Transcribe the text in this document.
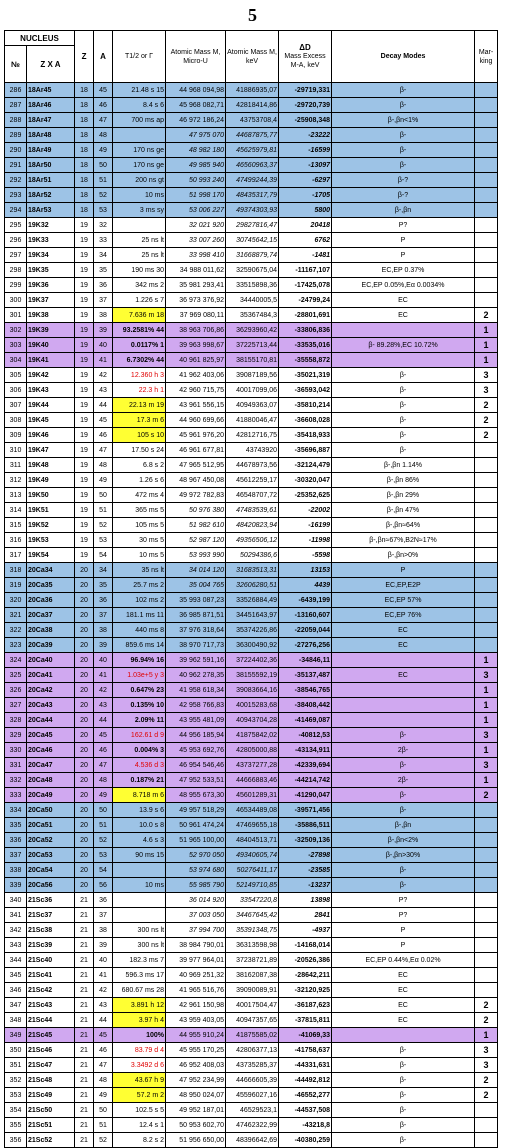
5
NUCLEUS		Z	A	T1/2 or Γ	Atomic Mass M, Micro-U	Atomic Mass M, keV	ΔD
Mass Excess M-A, keV	Decay Modes	Mar-king
№	Z X A								
286	18Ar45	18	45	21.48 s 15	44 968 094,98	41886935,07	-29719,331	β-	
287	18Ar46	18	46	8.4 s 6	45 968 082,71	42818414,86	-29720,739	β-	
288	18Ar47	18	47	700 ms ap	46 972 186,24	43753708,4	-25908,348	β-,βn<1%	
289	18Ar48	18	48		47 975 070	44687875,77	-23222	β-	
290	18Ar49	18	49	170 ns ge	48 982 180	45625979,81	-16599	β-	
291	18Ar50	18	50	170 ns ge	49 985 940	46560963,37	-13097	β-	
292	18Ar51	18	51	200 ns gt	50 993 240	47499244,39	-6297	β-?	
293	18Ar52	18	52	10 ms	51 998 170	48435317,79	-1705	β-?	
294	18Ar53	18	53	3 ms sy	53 006 227	49374303,93	5800	β-,βn	
295	19K32	19	32		32 021 920	29827816,47	20418	P?	
296	19K33	19	33	25 ns lt	33 007 260	30745642,15	6762	P	
297	19K34	19	34	25 ns lt	33 998 410	31668879,74	-1481	P	
298	19K35	19	35	190 ms 30	34 988 011,62	32590675,04	-11167,107	EC,EP 0.37%	
299	19K36	19	36	342 ms 2	35 981 293,41	33515898,36	-17425,078	EC,EP 0.05%,Eα 0.0034%	
300	19K37	19	37	1.226 s 7	36 973 376,92	34440005,5	-24799,24	EC	
301	19K38	19	38	7.636 m 18	37 969 080,11	35367484,3	-28801,691	EC	2
302	19K39	19	39	93.2581% 44	38 963 706,86	36293960,42	-33806,836		1
303	19K40	19	40	0.0117% 1	39 963 998,67	37225713,44	-33535,016	β- 89.28%,EC 10.72%	1
304	19K41	19	41	6.7302% 44	40 961 825,97	38155170,81	-35558,872		1
305	19K42	19	42	12.360 h 3	41 962 403,06	39087189,56	-35021,319	β-	3
306	19K43	19	43	22.3 h 1	42 960 715,75	40017099,06	-36593,042	β-	3
307	19K44	19	44	22.13 m 19	43 961 556,15	40949363,07	-35810,214	β-	2
308	19K45	19	45	17.3 m 6	44 960 699,66	41880046,47	-36608,028	β-	2
309	19K46	19	46	105 s 10	45 961 976,20	42812716,75	-35418,933	β-	2
310	19K47	19	47	17.50 s 24	46 961 677,81	43743920	-35696,887	β-	
311	19K48	19	48	6.8 s 2	47 965 512,95	44678973,56	-32124,479	β-,βn 1.14%	
312	19K49	19	49	1.26 s 6	48 967 450,08	45612259,17	-30320,047	β-,βn 86%	
313	19K50	19	50	472 ms 4	49 972 782,83	46548707,72	-25352,625	β-,βn 29%	
314	19K51	19	51	365 ms 5	50 976 380	47483539,61	-22002	β-,βn 47%	
315	19K52	19	52	105 ms 5	51 982 610	48420823,94	-16199	β-,βn≈64%	
316	19K53	19	53	30 ms 5	52 987 120	49356506,12	-11998	β-,βn≈67%,B2N≈17%	
317	19K54	19	54	10 ms 5	53 993 990	50294386,6	-5598	β-,βn>0%	
318	20Ca34	20	34	35 ns lt	34 014 120	31683513,31	13153	P	
319	20Ca35	20	35	25.7 ms 2	35 004 765	32606280,51	4439	EC,EP,E2P	
320	20Ca36	20	36	102 ms 2	35 993 087,23	33526884,49	-6439,199	EC,EP 57%	
321	20Ca37	20	37	181.1 ms 11	36 985 871,51	34451643,97	-13160,607	EC,EP 76%	
322	20Ca38	20	38	440 ms 8	37 976 318,64	35374226,86	-22059,044	EC	
323	20Ca39	20	39	859.6 ms 14	38 970 717,73	36300490,92	-27276,256	EC	
324	20Ca40	20	40	96.94% 16	39 962 591,16	37224402,36	-34846,11		1
325	20Ca41	20	41	1.03e+5 y 3	40 962 278,35	38155592,19	-35137,487	EC	3
326	20Ca42	20	42	0.647% 23	41 958 618,34	39083664,16	-38546,765		1
327	20Ca43	20	43	0.135% 10	42 958 766,83	40015283,68	-38408,442		1
328	20Ca44	20	44	2.09% 11	43 955 481,09	40943704,28	-41469,087		1
329	20Ca45	20	45	162.61 d 9	44 956 185,94	41875842,02	-40812,53	β-	3
330	20Ca46	20	46	0.004% 3	45 953 692,76	42805000,88	-43134,911	2β-	1
331	20Ca47	20	47	4.536 d 3	46 954 546,46	43737277,28	-42339,694	β-	3
332	20Ca48	20	48	0.187% 21	47 952 533,51	44666883,46	-44214,742	2β-	1
333	20Ca49	20	49	8.718 m 6	48 955 673,30	45601289,31	-41290,047	β-	2
334	20Ca50	20	50	13.9 s 6	49 957 518,29	46534489,08	-39571,456	β-	
335	20Ca51	20	51	10.0 s 8	50 961 474,24	47469655,18	-35886,511	β-,βn	
336	20Ca52	20	52	4.6 s 3	51 965 100,00	48404513,71	-32509,136	β-,βn<2%	
337	20Ca53	20	53	90 ms 15	52 970 050	49340605,74	-27898	β-,βn>30%	
338	20Ca54	20	54		53 974 680	50276411,17	-23585	β-	
339	20Ca56	20	56	10 ms	55 985 790	52149710,85	-13237	β-	
340	21Sc36	21	36		36 014 920	33547220,8	13898	P?	
341	21Sc37	21	37		37 003 050	34467645,42	2841	P?	
342	21Sc38	21	38	300 ns lt	37 994 700	35391348,75	-4937	P	
343	21Sc39	21	39	300 ns lt	38 984 790,01	36313598,98	-14168,014	P	
344	21Sc40	21	40	182.3 ms 7	39 977 964,01	37238721,89	-20526,386	EC,EP 0.44%,Eα 0.02%	
345	21Sc41	21	41	596.3 ms 17	40 969 251,32	38162087,38	-28642,211	EC	
346	21Sc42	21	42	680.67 ms 28	41 965 516,76	39090089,91	-32120,925	EC	
347	21Sc43	21	43	3.891 h 12	42 961 150,98	40017504,47	-36187,623	EC	2
348	21Sc44	21	44	3.97 h 4	43 959 403,05	40947357,65	-37815,811	EC	2
349	21Sc45	21	45	100%	44 955 910,24	41875585,02	-41069,33		1
350	21Sc46	21	46	83.79 d 4	45 955 170,25	42806377,13	-41758,637	β-	3
351	21Sc47	21	47	3.3492 d 6	46 952 408,03	43735285,37	-44331,631	β-	3
352	21Sc48	21	48	43.67 h 9	47 952 234,99	44666605,39	-44492,812	β-	2
353	21Sc49	21	49	57.2 m 2	48 950 024,07	45596027,16	-46552,277	β-	2
354	21Sc50	21	50	102.5 s 5	49 952 187,01	46529523,1	-44537,508	β-	
355	21Sc51	21	51	12.4 s 1	50 953 602,70	47462322,99	-43218,8	β-	
356	21Sc52	21	52	8.2 s 2	51 956 650,00	48396642,69	-40380,259	β-	
